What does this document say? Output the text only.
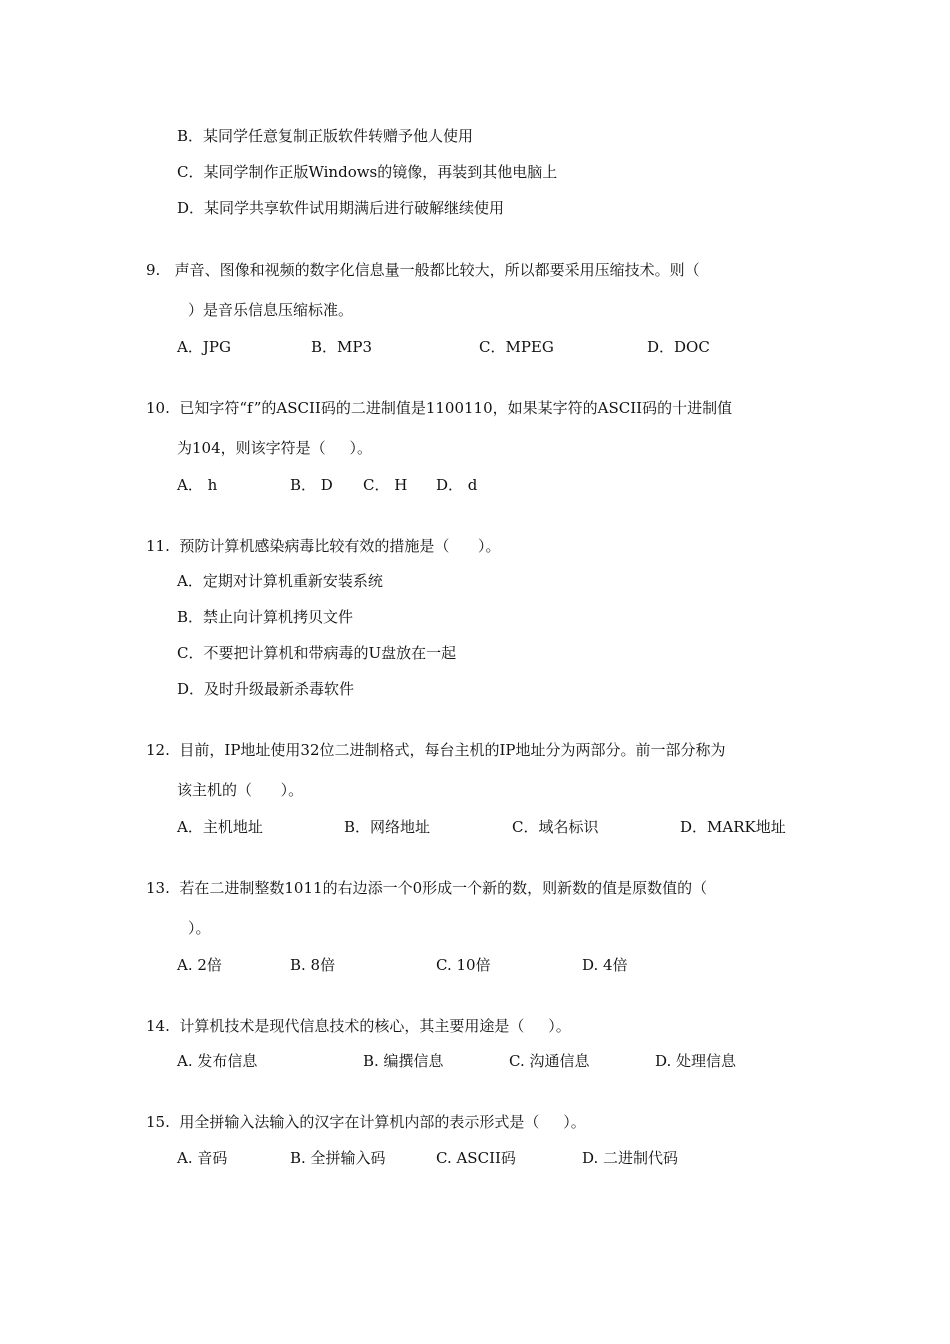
B．某同学任意复制正版软件转赠予他人使用
C．某同学制作正版Windows的镜像，再装到其他电脑上
D．某同学共享软件试用期满后进行破解继续使用
9.   声音、图像和视频的数字化信息量一般都比较大，所以都要采用压缩技术。则（
）是音乐信息压缩标准。
A．JPG	B．MP3	C．MPEG	D．DOC
10.  已知字符“f”的ASCII码的二进制值是1100110，如果某字符的ASCII码的十进制值
为104，则该字符是（     ）。
A． h	B． D C． H D． d
11.  预防计算机感染病毒比较有效的措施是（      ）。
A．定期对计算机重新安装系统
B．禁止向计算机拷贝文件
C．不要把计算机和带病毒的U盘放在一起
D．及时升级最新杀毒软件
12.  目前，IP地址使用32位二进制格式，每台主机的IP地址分为两部分。前一部分称为
该主机的（      ）。
A．主机地址	B．网络地址	C．域名标识	D．MARK地址
13.  若在二进制整数1011的右边添一个0形成一个新的数，则新数的值是原数值的（
）。
A. 2倍	B. 8倍	C. 10倍	D. 4倍
14.  计算机技术是现代信息技术的核心，其主要用途是（     ）。
A. 发布信息	B. 编撰信息	C. 沟通信息	D. 处理信息
15.  用全拼输入法输入的汉字在计算机内部的表示形式是（     ）。
A. 音码	B. 全拼输入码	C. ASCII码	D. 二进制代码
